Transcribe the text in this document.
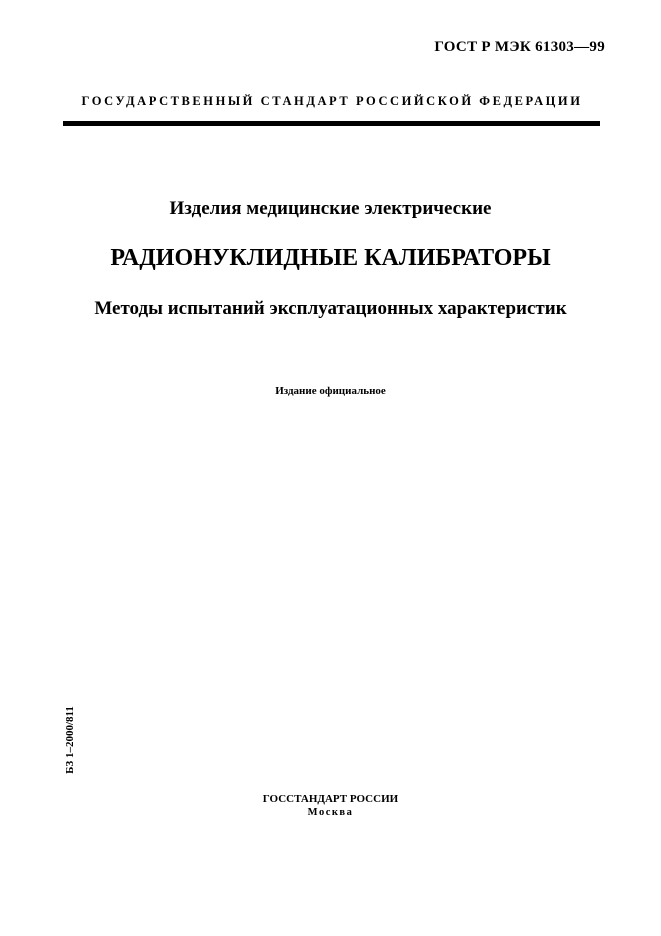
ГОСТ Р МЭК 61303—99
ГОСУДАРСТВЕННЫЙ СТАНДАРТ РОССИЙСКОЙ ФЕДЕРАЦИИ
Изделия медицинские электрические
РАДИОНУКЛИДНЫЕ КАЛИБРАТОРЫ
Методы испытаний эксплуатационных характеристик
Издание официальное
БЗ 1–2000/811
ГОССТАНДАРТ РОССИИ
Москва
